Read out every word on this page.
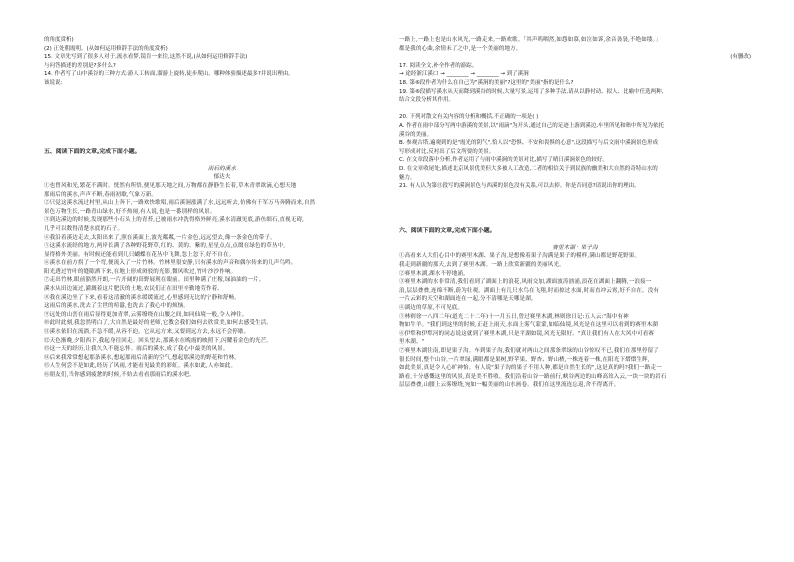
的角度赏析)
(2) 正处朝霞明。(从如何运用修辞手法的角度赏析)
15. 文章先写到了很多人对于,流水看梦,镜肯一来往,这然不说,(从如何运用修辞手法)
与问答描述的差别是?多什么?
14. 作者写了山中溪谷的三种方式:游人工转面,溜游上旋转,徒步爬山。哪种体验描述最多?并说出理由。
该说说:
五、阅读下面的文章,完成下面小题。
雨后的溪水
郁达夫
①也曾风和光,繁花不满时。恍然有所悟,便见那天地之间,万物都在静静生长着,草木青翠欲滴,心想天地
那雨后的溪水,声声不断,春雨初歇,气象万新。
②只觉这溪水流过村里,从山上奔下,一路欢快歌唱,雨后溪涧涨满了水,远远听去,仿佛有千军万马奔腾而来,自然
景色万物生长,一路青山绿水,好不热闹,有人说,也是一番别样的风景。
③到达溪边的时候,发现那些小石头上的青苔,已被雨水冲洗得格外鲜亮,溪水清澈见底,游鱼细石,直视无碍,
几乎可以数得清楚水底的石子。
④我沿着溪边走去,太阳出来了,照在溪面上,波光粼粼,一片金色,远远望去,像一条金色的带子。
⑤这溪水流经的地方,两岸长满了各种野花野草,红的、黄的、紫的,星星点点,点缀在绿色的草丛中,
显得格外美丽。有时候还能看到几只蝴蝶在花丛中飞舞,忽上忽下,好不自在。
⑥溪水在前方拐了一个弯,便流入了一片竹林。竹林里很安静,只有溪水的声音和偶尔传来的几声鸟鸣。
阳光透过竹叶的缝隙洒下来,在地上形成斑驳的光影,微风吹过,竹叶沙沙作响。
⑦走出竹林,眼前豁然开朗,一片开阔的田野展现在眼前。田里种满了庄稼,绿油油的一片。
溪水从田边流过,灌溉着这片肥沃的土地,农民们正在田里辛勤地劳作着。
⑧我在溪边坐了下来,看着这清澈的溪水缓缓流过,心里感到无比的宁静和舒畅。
这雨后的溪水,洗去了尘世的喧嚣,也洗去了我心中的烦恼。
⑨远处的山峦在雨后显得更加青翠,云雾缭绕在山腰之间,如同仙境一般,令人神往。
⑩此时此刻,我忽然明白了,大自然是最好的老师,它教会我们如何去欣赏美,如何去感受生活。
⑪溪水依旧在流淌,不急不缓,从容不迫。它从远方来,又要到远方去,永远不会停歇。
⑫天色渐晚,夕阳西下,我起身往回走。回头望去,那溪水在晚霞的映照下,闪耀着金色的光芒。
⑬这一天的经历,让我久久不能忘怀。雨后的溪水,成了我心中最美的风景。
⑭后来我常常想起那条溪水,想起那雨后清新的空气,想起那溪边的野花和竹林。
⑮人生何尝不是如此,经历了风雨,才能看见最美的彩虹。溪水如此,人亦如此。
⑯朋友们,当你感到疲惫的时候,不妨去看看那雨后的溪水吧。
一路上,一路上也是山水风光,一路走来,一路欢歌。「其声呜咽然,如怨如慕,如泣如诉,余音袅袅,不绝如缕。」
都是我的心曲,余情未了之中,是一个美丽的地方。
(有删改)
17. 阅读全文,补全作者的游踪。
→ 途经浙江溪口 → ________ → ________ → 到了溪涧
18. 第⑥段作者为什么在自己为"溪涧的美丽"?这里的"美丽"指的是什么?
19. 第⑥段描写溪水从天而降到溪谷的时候,大量写景,运用了多种手法,请从以静衬动、拟人、比喻中任选两种,
结合文段分析其作用。
20. 下列对散文有关内容的分析和概括,不正确的一项是( )
A. 作者在雨中部分写两中游溪的美景,以"雨滴"为开头,通过自己的足迹上游到溪边,车里所见和晤中所见为依托
溪谷的美丽。
B. 参观古塔,遍观到的是"霞光的阴气",恰人以"恐惧、不安和畏惧的心意",这段描写与后文雨中溪涧景色形成
写形成对比,反衬出了后文所要的美景。
C. 在文章段落中分析,作者运用了与雨中溪涧的美景对比,描写了晴日溪涧景色的较好。
D. 在文章收尾处,描述北京风景优美但大多被人工改造,二者的相信关于到民族的幽美和大自然的奇特山水的
魅力。
21. 有人认为第⑪段写的溪涧景色与西溪的景色没有关系,可以去掉。你是否同意?请说出你的理由。
六、阅读下面的文章,完成下面小题。
赛里木湖 · 果子沟
①高看来人大们心目中的赛里木湖、果子沟,是想像着果子沟满是果子的模样,满山都是野花野果。
我走到新疆的那天,去到了赛里木湖。一路上欣赏新疆的美丽风光。
②赛里木湖,湖水不停地涌。
③赛里木湖的水非常清,我们看到了湖面上的浪花,风雨交加,湖面波涛汹涌,浪花在湖面上翻腾,一浪接一
浪,层层叠叠,连绵不断,蔚为壮观。湖面上有几只水鸟在飞翔,时而掠过水面,时而直冲云霄,好不自在。没有
一片云彩的天空和湖面连在一起,分不清哪是天哪是湖。
④湖边的草原,不可见底。
⑤林则徐一八四二年(道光二十二年)十一月五日,曾过赛里木湖,林则徐日记:五人云:"海中有神
物如牛羊。"我们到这里的时候,正赶上雨天,水面上雾气蒙蒙,如临仙境,风光是在这里可以看到的赛里木湖
⑥伊犁和伊犁河的同志说这就到了赛里木湖,只是平湖如镜,风光无限好。"真让我们有人在大风中可看赛
里木湖。"
⑦赛里木湖往南,即是果子沟。车到果子沟,我们就对两山之间那条翠绿的山谷惊叹不已,我们在那里停留了
很长时间,整个山谷,一片翠绿,满眼都是果树,野苹果、野杏、野山楂,一株连着一株,在阳光下熠熠生辉,
如此美景,真是令人心旷神怡。有人说"果子沟的果子不用人种,都是自然生长的",这是真的吗?我们一路走一
路看,十分感慨这里的风景,真是美不胜收。我们沿着山谷一路前行,峡谷两边的山峰高耸入云,一块一块的岩石
层层叠叠,山腰上云雾缭绕,宛如一幅美丽的山水画卷。我们在这里流连忘返,舍不得离开。
